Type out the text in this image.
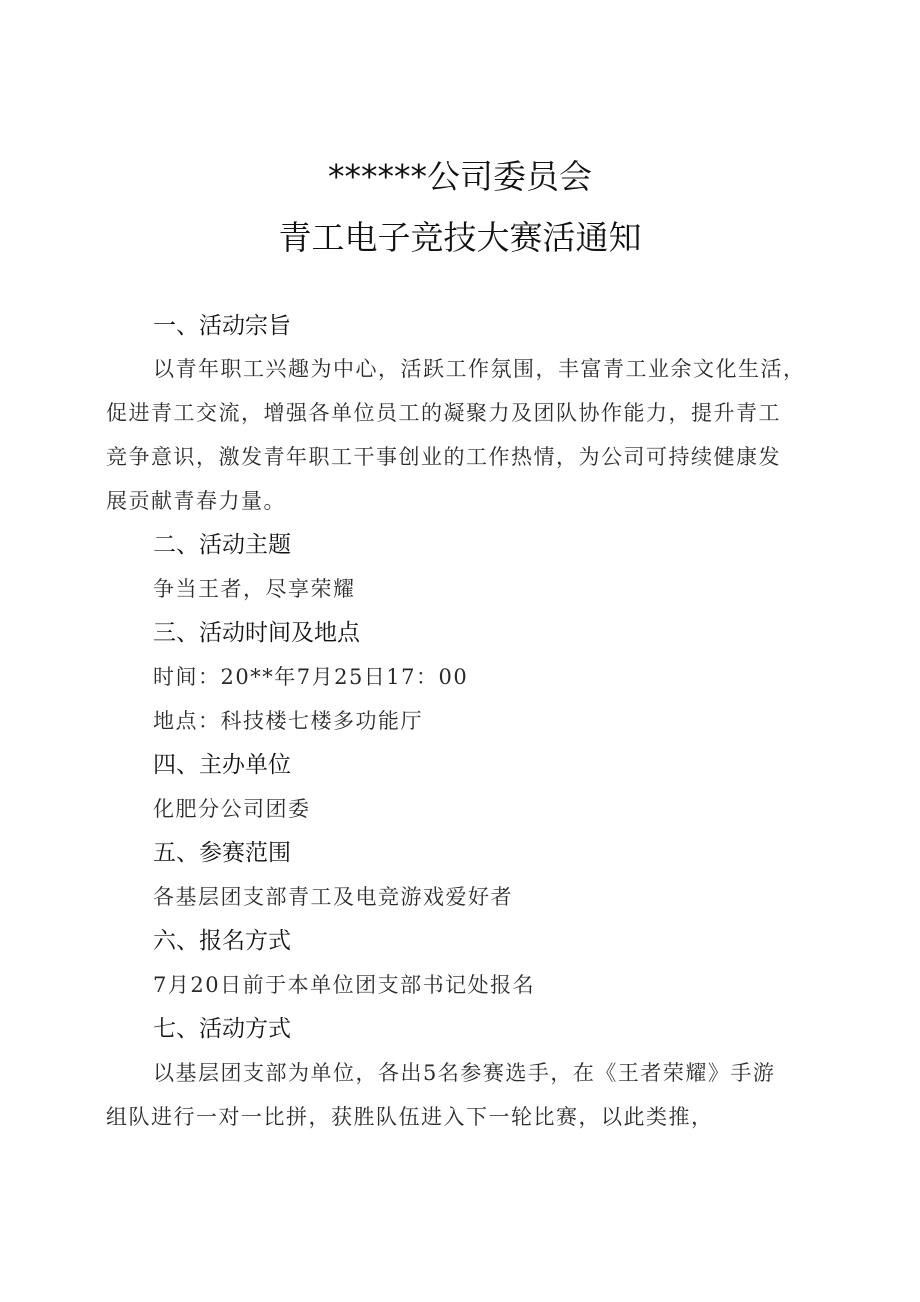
******公司委员会
青工电子竞技大赛活通知
一、活动宗旨
以青年职工兴趣为中心，活跃工作氛围，丰富青工业余文化生活，
促进青工交流，增强各单位员工的凝聚力及团队协作能力，提升青工
竞争意识，激发青年职工干事创业的工作热情，为公司可持续健康发
展贡献青春力量。
二、活动主题
争当王者，尽享荣耀
三、活动时间及地点
时间：20**年7月25日17：00
地点：科技楼七楼多功能厅
四、主办单位
化肥分公司团委
五、参赛范围
各基层团支部青工及电竞游戏爱好者
六、报名方式
7月20日前于本单位团支部书记处报名
七、活动方式
以基层团支部为单位，各出5名参赛选手，在《王者荣耀》手游
组队进行一对一比拼，获胜队伍进入下一轮比赛，以此类推，
